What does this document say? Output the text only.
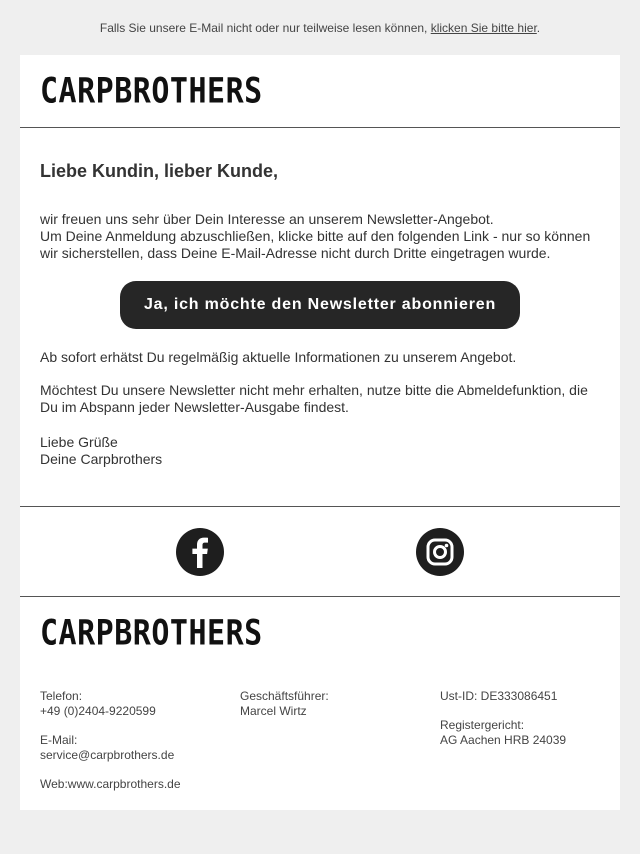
Falls Sie unsere E-Mail nicht oder nur teilweise lesen können, klicken Sie bitte hier.
CARPBROTHERS
Liebe Kundin, lieber Kunde,
wir freuen uns sehr über Dein Interesse an unserem Newsletter-Angebot.
Um Deine Anmeldung abzuschließen, klicke bitte auf den folgenden Link - nur so können wir sicherstellen, dass Deine E-Mail-Adresse nicht durch Dritte eingetragen wurde.
Ja, ich möchte den Newsletter abonnieren
Ab sofort erhätst Du regelmäßig aktuelle Informationen zu unserem Angebot.
Möchtest Du unsere Newsletter nicht mehr erhalten, nutze bitte die Abmeldefunktion, die Du im Abspann jeder Newsletter-Ausgabe findest.
Liebe Grüße
Deine Carpbrothers
CARPBROTHERS
Telefon:
+49 (0)2404-9220599
E-Mail:
service@carpbrothers.de
Web:www.carpbrothers.de
Geschäftsführer:
Marcel Wirtz
Ust-ID: DE333086451
Registergericht:
AG Aachen HRB 24039
